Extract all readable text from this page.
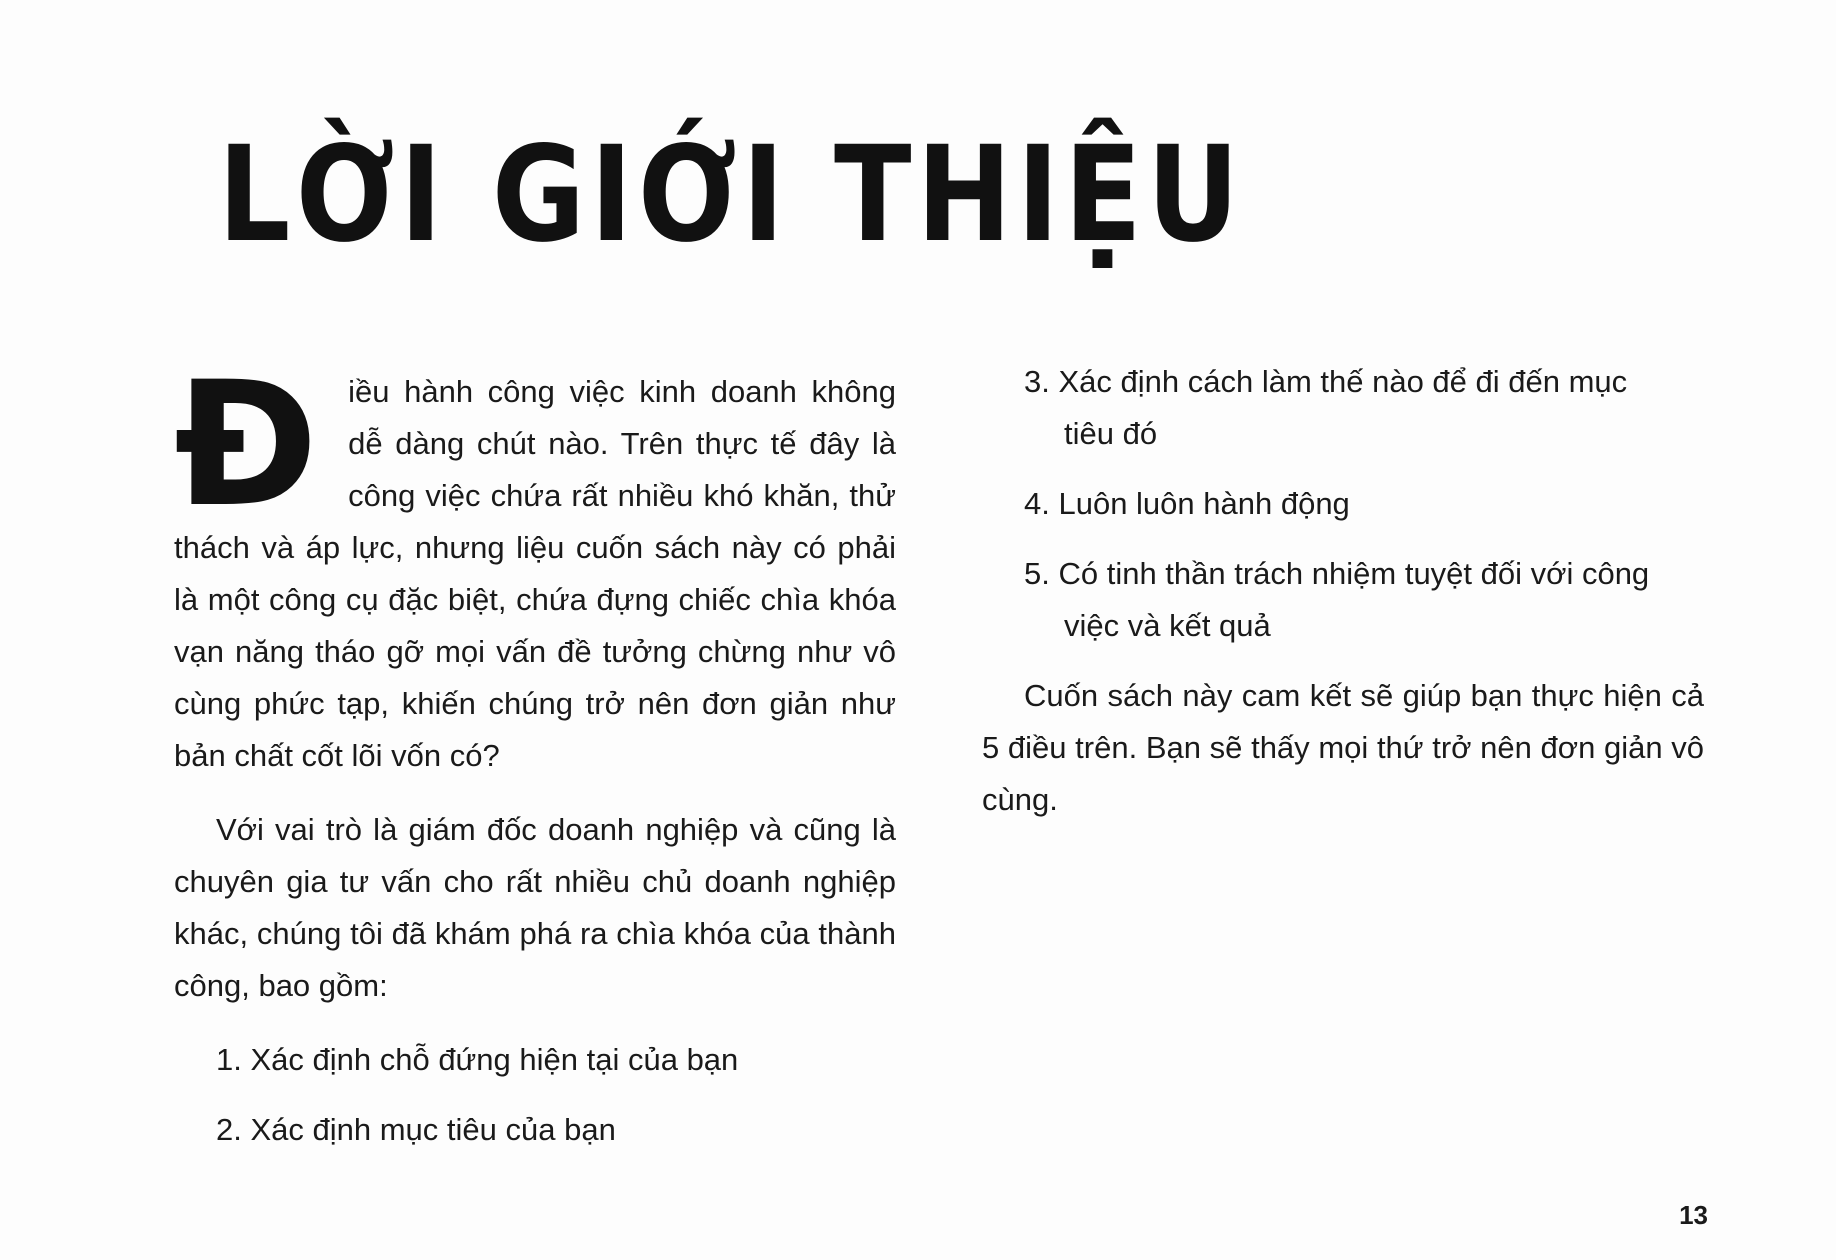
LỜI GIỚI THIỆU

Điều hành công việc kinh doanh không dễ dàng chút nào. Trên thực tế đây là công việc chứa rất nhiều khó khăn, thử thách và áp lực, nhưng liệu cuốn sách này có phải là một công cụ đặc biệt, chứa đựng chiếc chìa khóa vạn năng tháo gỡ mọi vấn đề tưởng chừng như vô cùng phức tạp, khiến chúng trở nên đơn giản như bản chất cốt lõi vốn có?

Với vai trò là giám đốc doanh nghiệp và cũng là chuyên gia tư vấn cho rất nhiều chủ doanh nghiệp khác, chúng tôi đã khám phá ra chìa khóa của thành công, bao gồm:

1. Xác định chỗ đứng hiện tại của bạn

2. Xác định mục tiêu của bạn

3. Xác định cách làm thế nào để đi đến mục
tiêu đó

4. Luôn luôn hành động

5. Có tinh thần trách nhiệm tuyệt đối với công
việc và kết quả

Cuốn sách này cam kết sẽ giúp bạn thực hiện cả 5 điều trên. Bạn sẽ thấy mọi thứ trở nên đơn giản vô cùng.

13
